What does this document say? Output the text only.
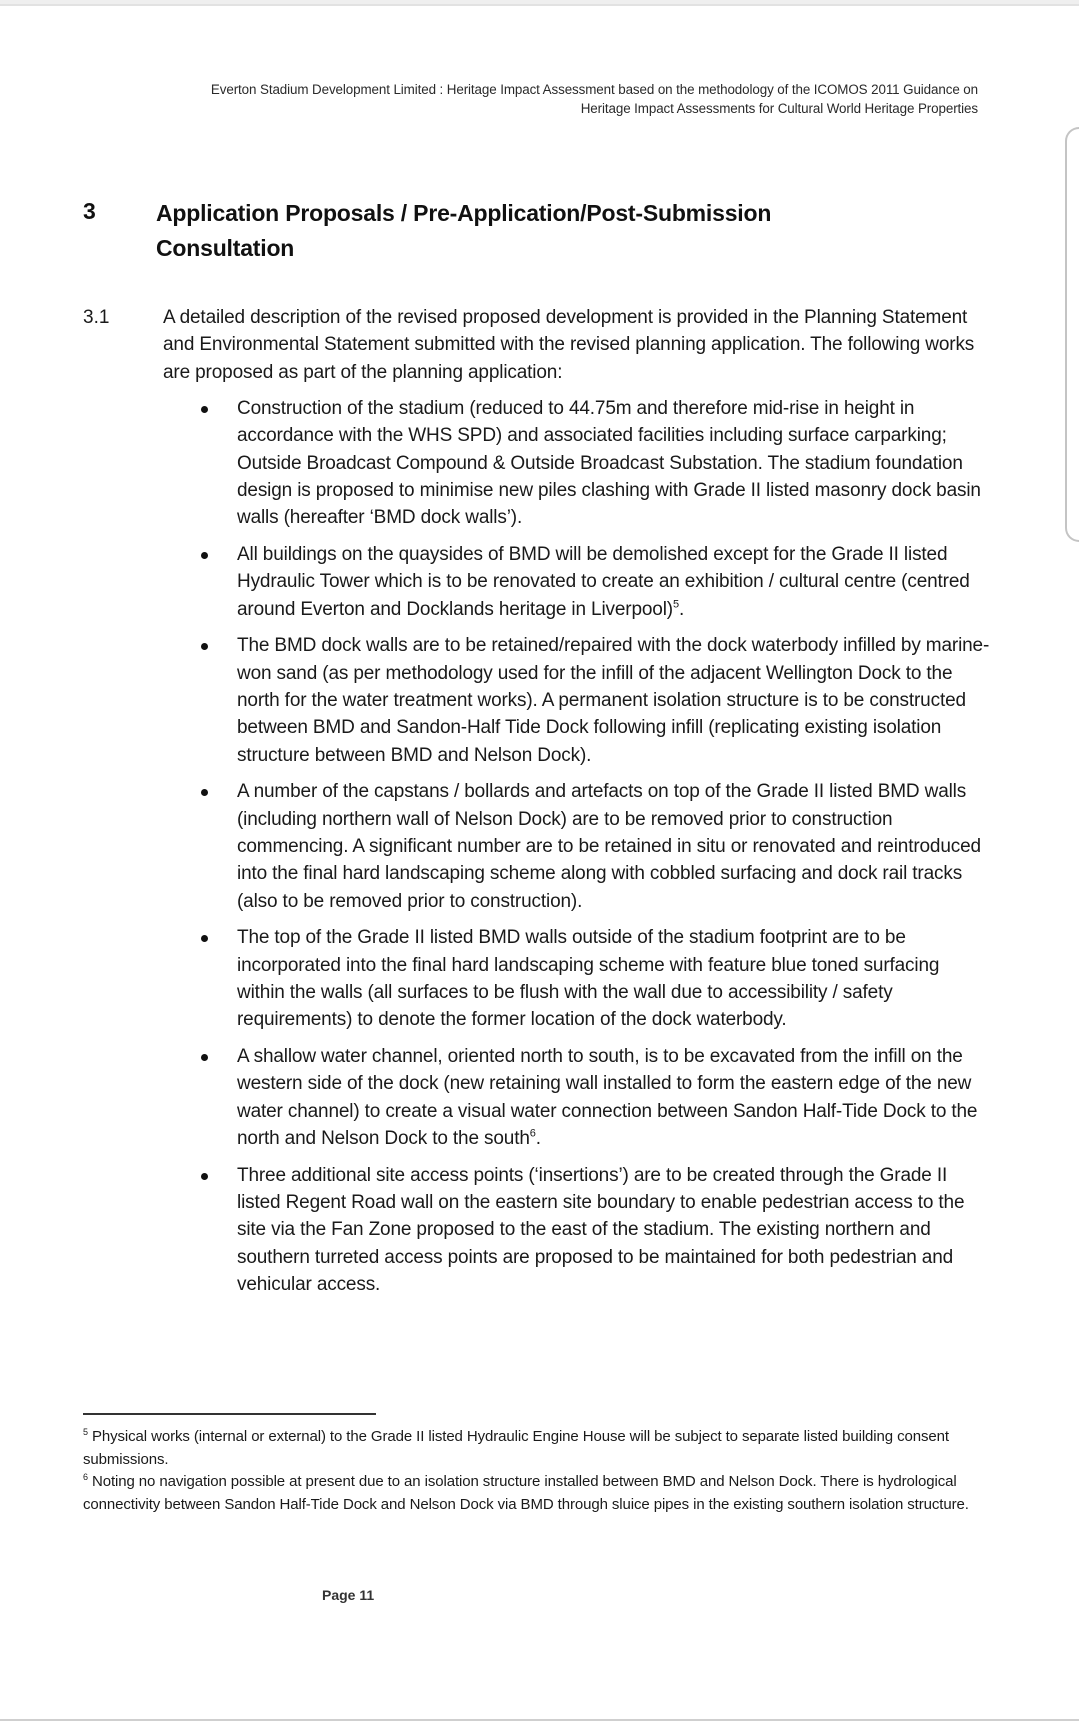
Everton Stadium Development Limited : Heritage Impact Assessment based on the methodology of the ICOMOS 2011 Guidance on
Heritage Impact Assessments for Cultural World Heritage Properties
3	Application Proposals / Pre-Application/Post-Submission Consultation
3.1	A detailed description of the revised proposed development is provided in the Planning Statement and Environmental Statement submitted with the revised planning application. The following works are proposed as part of the planning application:
Construction of the stadium (reduced to 44.75m and therefore mid-rise in height in accordance with the WHS SPD) and associated facilities including surface carparking; Outside Broadcast Compound & Outside Broadcast Substation. The stadium foundation design is proposed to minimise new piles clashing with Grade II listed masonry dock basin walls (hereafter ‘BMD dock walls’).
All buildings on the quaysides of BMD will be demolished except for the Grade II listed Hydraulic Tower which is to be renovated to create an exhibition / cultural centre (centred around Everton and Docklands heritage in Liverpool)$^5$.
The BMD dock walls are to be retained/repaired with the dock waterbody infilled by marine-won sand (as per methodology used for the infill of the adjacent Wellington Dock to the north for the water treatment works). A permanent isolation structure is to be constructed between BMD and Sandon-Half Tide Dock following infill (replicating existing isolation structure between BMD and Nelson Dock).
A number of the capstans / bollards and artefacts on top of the Grade II listed BMD walls (including northern wall of Nelson Dock) are to be removed prior to construction commencing. A significant number are to be retained in situ or renovated and reintroduced into the final hard landscaping scheme along with cobbled surfacing and dock rail tracks (also to be removed prior to construction).
The top of the Grade II listed BMD walls outside of the stadium footprint are to be incorporated into the final hard landscaping scheme with feature blue toned surfacing within the walls (all surfaces to be flush with the wall due to accessibility / safety requirements) to denote the former location of the dock waterbody.
A shallow water channel, oriented north to south, is to be excavated from the infill on the western side of the dock (new retaining wall installed to form the eastern edge of the new water channel) to create a visual water connection between Sandon Half-Tide Dock to the north and Nelson Dock to the south$^6$.
Three additional site access points (‘insertions’) are to be created through the Grade II listed Regent Road wall on the eastern site boundary to enable pedestrian access to the site via the Fan Zone proposed to the east of the stadium. The existing northern and southern turreted access points are proposed to be maintained for both pedestrian and vehicular access.
$^5$ Physical works (internal or external) to the Grade II listed Hydraulic Engine House will be subject to separate listed building consent submissions.
$^6$ Noting no navigation possible at present due to an isolation structure installed between BMD and Nelson Dock. There is hydrological connectivity between Sandon Half-Tide Dock and Nelson Dock via BMD through sluice pipes in the existing southern isolation structure.
Page 11
